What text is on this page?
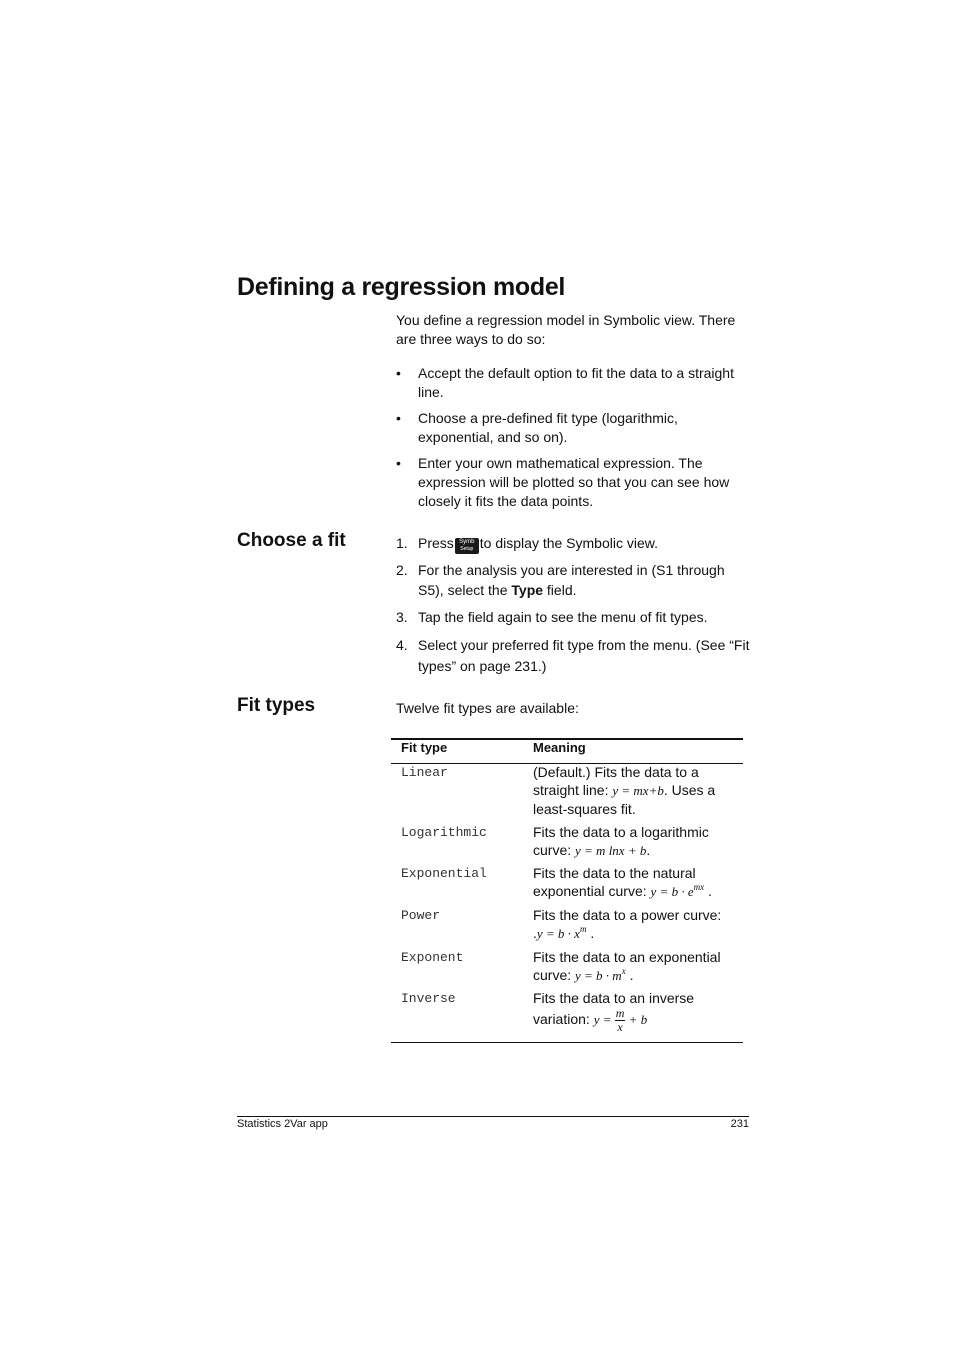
Defining a regression model
You define a regression model in Symbolic view. There are three ways to do so:
•	Accept the default option to fit the data to a straight line.
•	Choose a pre-defined fit type (logarithmic, exponential, and so on).
•	Enter your own mathematical expression. The expression will be plotted so that you can see how closely it fits the data points.
Choose a fit	1. Press Symb
Setup to display the Symbolic view.
2. For the analysis you are interested in (S1 through S5), select the Type field.
3. Tap the field again to see the menu of fit types.
4. Select your preferred fit type from the menu. (See “Fit types” on page 231.)
Fit types	Twelve fit types are available:
Fit type	Meaning
Linear	(Default.) Fits the data to a
straight line: y = mx+b. Uses a
least-squares fit.
Logarithmic	Fits the data to a logarithmic
curve: y = m lnx + b.
Exponential	Fits the data to the natural
exponential curve: $y = b \cdot e^{mx}$ .
Power	Fits the data to a power curve:
$.y = b \cdot x^m$ .
Exponent	Fits the data to an exponential
curve: $y = b \cdot m^x$ .
Inverse	Fits the data to an inverse
variation: $y = \frac{m}{x} + b$
Statistics 2Var app	231
